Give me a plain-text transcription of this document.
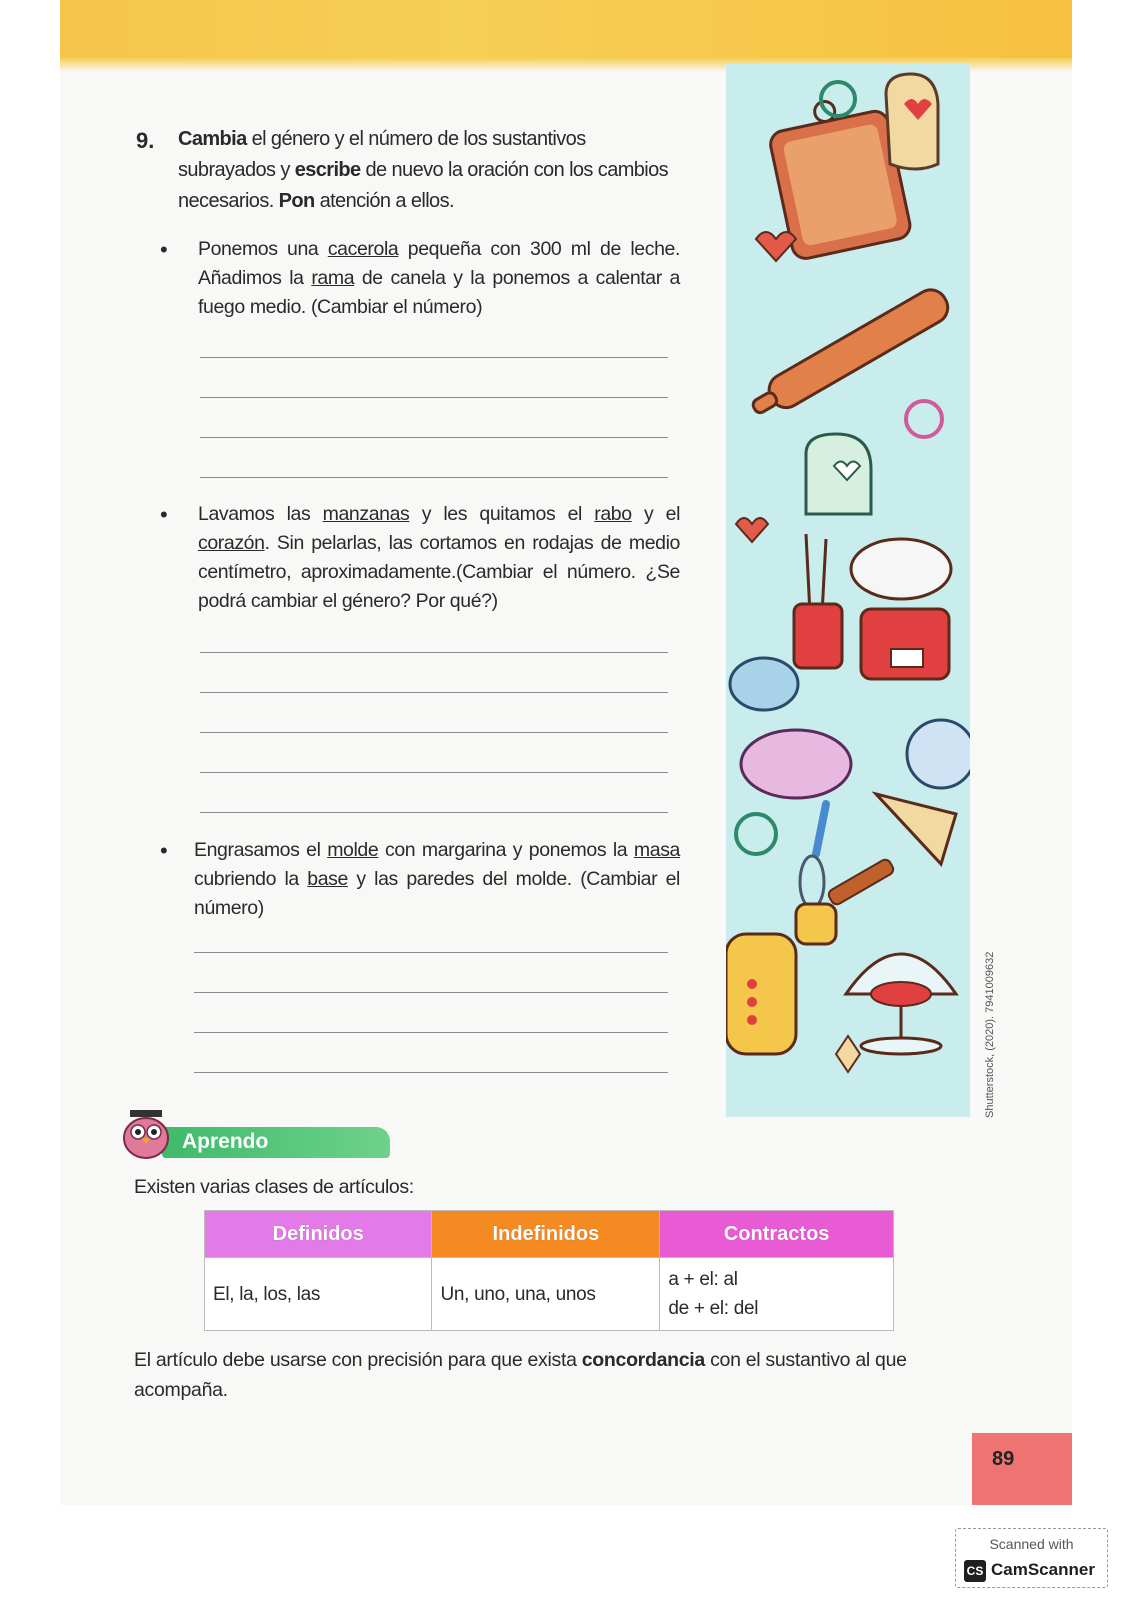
9. Cambia el género y el número de los sustantivos subrayados y escribe de nuevo la oración con los cambios necesarios. Pon atención a ellos.
• Ponemos una cacerola pequeña con 300 ml de leche. Añadimos la rama de canela y la ponemos a calentar a fuego medio. (Cambiar el número)
• Lavamos las manzanas y les quitamos el rabo y el corazón. Sin pelarlas, las cortamos en rodajas de medio centímetro, aproximadamente.(Cambiar el número. ¿Se podrá cambiar el género? Por qué?)
• Engrasamos el molde con margarina y ponemos la masa cubriendo la base y las paredes del molde. (Cambiar el número)
Shutterstock, (2020). 7941009632
Aprendo
Existen varias clases de artículos:
Definidos	Indefinidos	Contractos
El, la, los, las	Un, uno, una, unos	a + el: al
de + el: del
El artículo debe usarse con precisión para que exista concordancia con el sustantivo al que acompaña.
89
Scanned with
CS CamScanner
